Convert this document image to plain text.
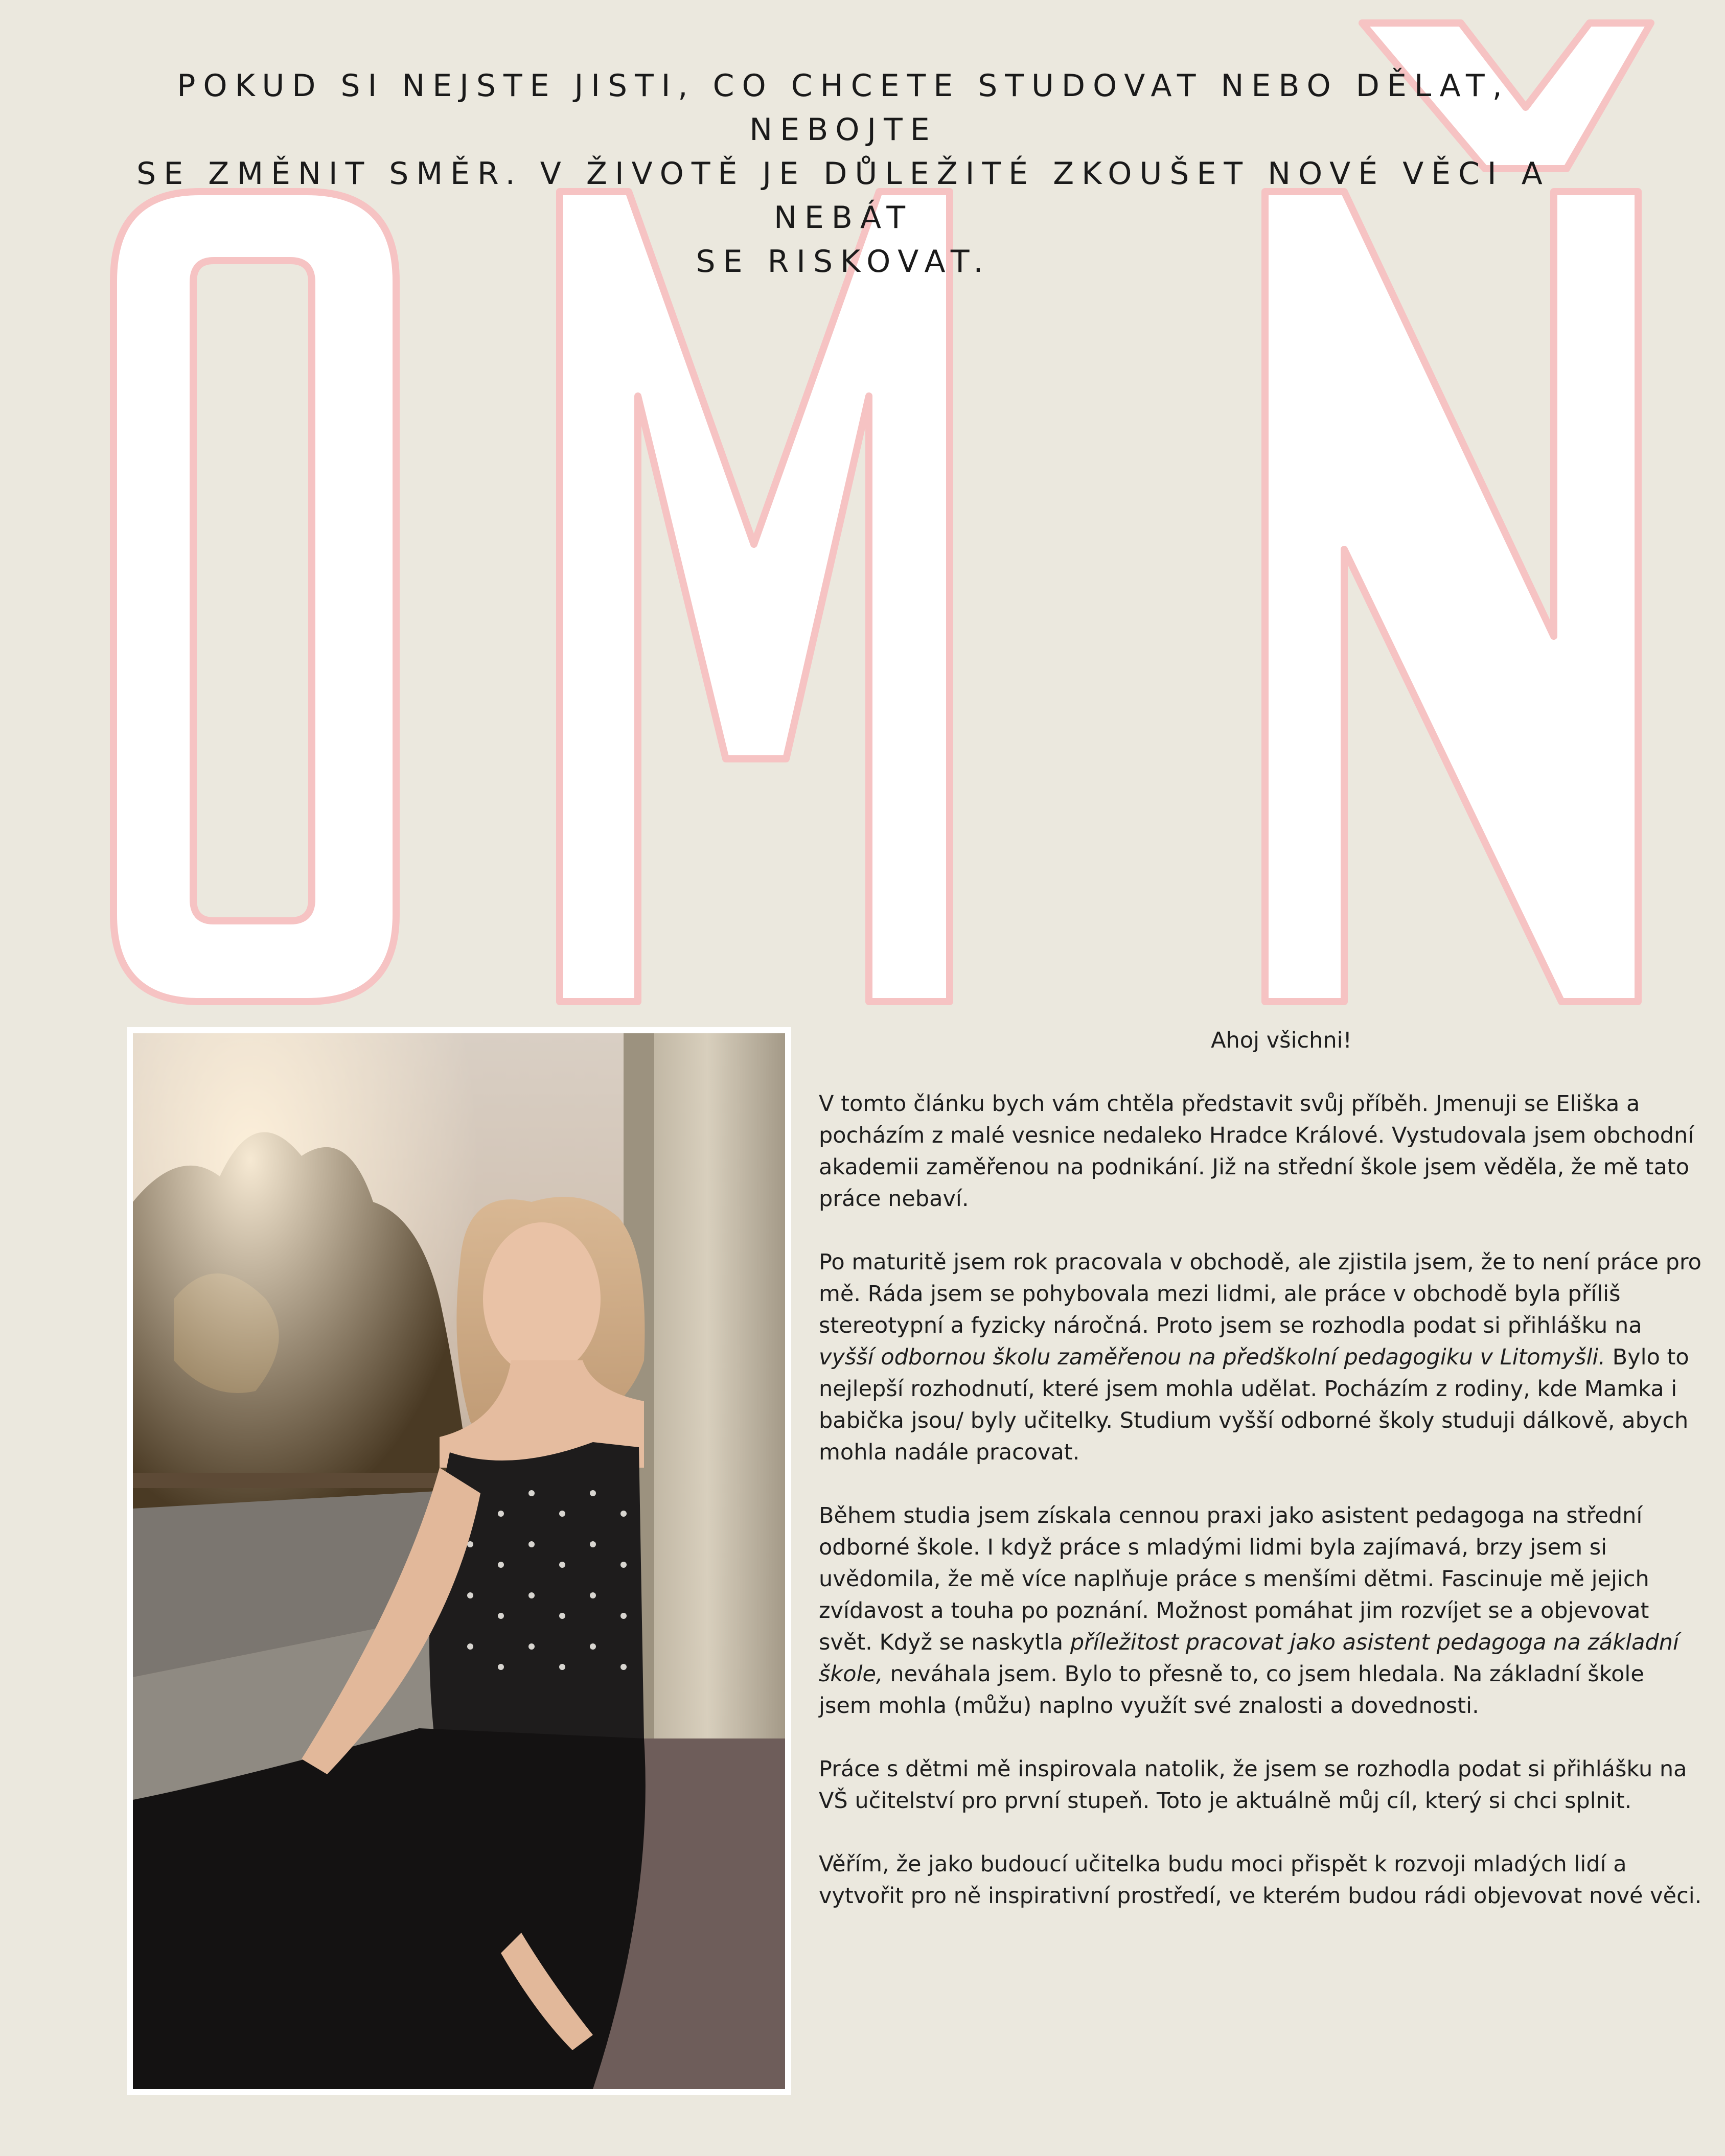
POKUD SI NEJSTE JISTI, CO CHCETE STUDOVAT NEBO DĚLAT, NEBOJTE
SE ZMĚNIT SMĚR. V ŽIVOTĚ JE DŮLEŽITÉ ZKOUŠET NOVÉ VĚCI A NEBÁT
SE RISKOVAT.
Ahoj všichni!

V tomto článku bych vám chtěla představit svůj příběh. Jmenuji se Eliška a pocházím z malé vesnice nedaleko Hradce Králové. Vystudovala jsem obchodní akademii zaměřenou na podnikání. Již na střední škole jsem věděla, že mě tato práce nebaví.

Po maturitě jsem rok pracovala v obchodě, ale zjistila jsem, že to není práce pro mě. Ráda jsem se pohybovala mezi lidmi, ale práce v obchodě byla příliš stereotypní a fyzicky náročná. Proto jsem se rozhodla podat si přihlášku na vyšší odbornou školu zaměřenou na předškolní pedagogiku v Litomyšli. Bylo to nejlepší rozhodnutí, které jsem mohla udělat. Pocházím z rodiny, kde Mamka i babička jsou/ byly učitelky. Studium vyšší odborné školy studuji dálkově, abych mohla nadále pracovat.

Během studia jsem získala cennou praxi jako asistent pedagoga na střední odborné škole. I když práce s mladými lidmi byla zajímavá, brzy jsem si uvědomila, že mě více naplňuje práce s menšími dětmi. Fascinuje mě jejich zvídavost a touha po poznání. Možnost pomáhat jim rozvíjet se a objevovat svět. Když se naskytla příležitost pracovat jako asistent pedagoga na základní škole, neváhala jsem. Bylo to přesně to, co jsem hledala. Na základní škole jsem mohla (můžu) naplno využít své znalosti a dovednosti.

Práce s dětmi mě inspirovala natolik, že jsem se rozhodla podat si přihlášku na VŠ učitelství pro první stupeň. Toto je aktuálně můj cíl, který si chci splnit.

Věřím, že jako budoucí učitelka budu moci přispět k rozvoji mladých lidí a vytvořit pro ně inspirativní prostředí, ve kterém budou rádi objevovat nové věci.
